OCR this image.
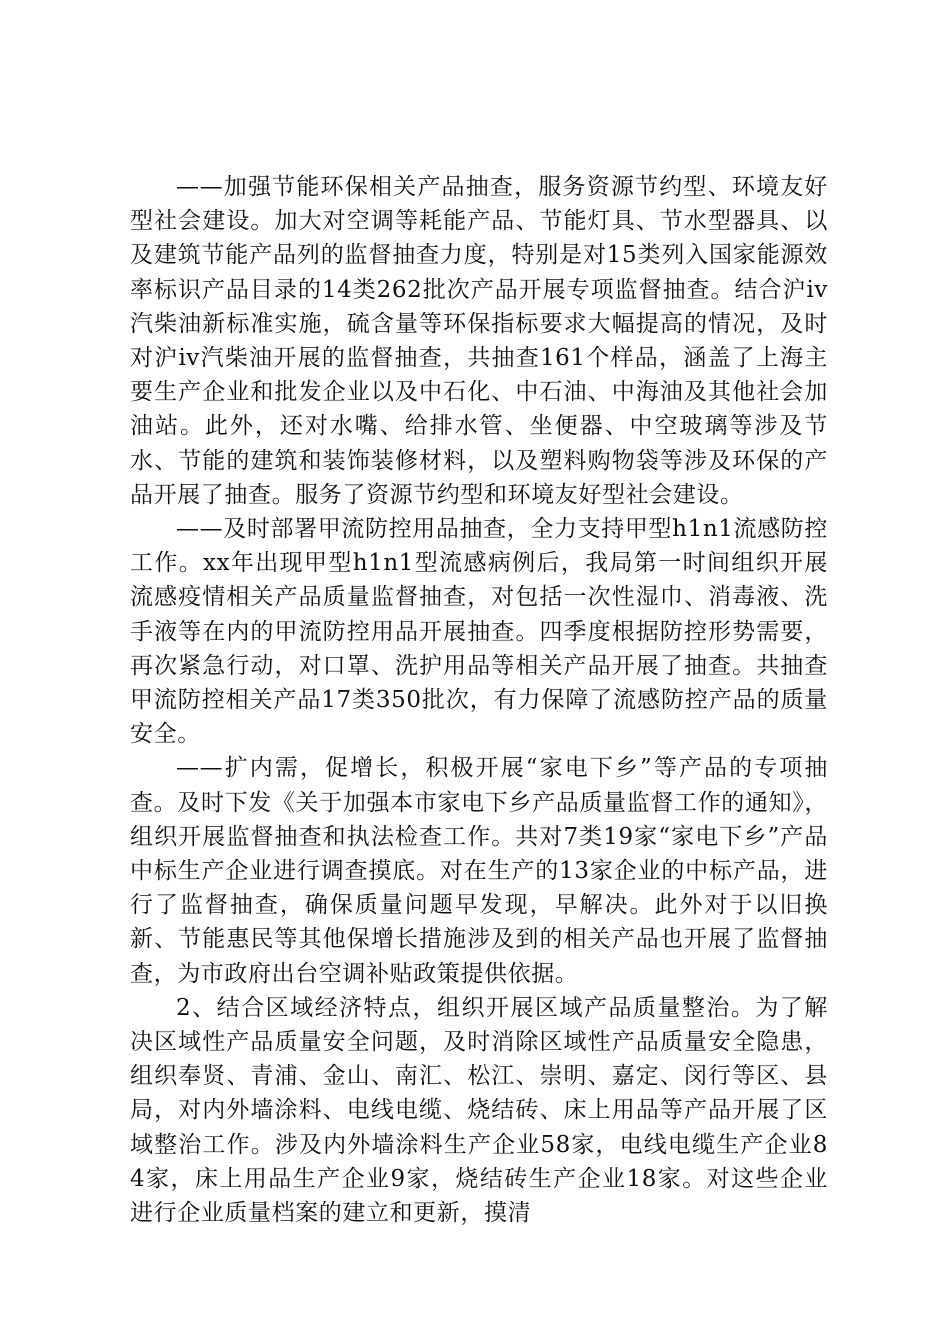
——加强节能环保相关产品抽查，服务资源节约型、环境友好型社会建设。加大对空调等耗能产品、节能灯具、节水型器具、以及建筑节能产品列的监督抽查力度，特别是对15类列入国家能源效率标识产品目录的14类262批次产品开展专项监督抽查。结合沪iv汽柴油新标准实施，硫含量等环保指标要求大幅提高的情况，及时对沪iv汽柴油开展的监督抽查，共抽查161个样品，涵盖了上海主要生产企业和批发企业以及中石化、中石油、中海油及其他社会加油站。此外，还对水嘴、给排水管、坐便器、中空玻璃等涉及节水、节能的建筑和装饰装修材料，以及塑料购物袋等涉及环保的产品开展了抽查。服务了资源节约型和环境友好型社会建设。

——及时部署甲流防控用品抽查，全力支持甲型h1n1流感防控工作。xx年出现甲型h1n1型流感病例后，我局第一时间组织开展流感疫情相关产品质量监督抽查，对包括一次性湿巾、消毒液、洗手液等在内的甲流防控用品开展抽查。四季度根据防控形势需要，再次紧急行动，对口罩、洗护用品等相关产品开展了抽查。共抽查甲流防控相关产品17类350批次，有力保障了流感防控产品的质量安全。

——扩内需，促增长，积极开展“家电下乡”等产品的专项抽查。及时下发《关于加强本市家电下乡产品质量监督工作的通知》，组织开展监督抽查和执法检查工作。共对7类19家“家电下乡”产品中标生产企业进行调查摸底。对在生产的13家企业的中标产品，进行了监督抽查，确保质量问题早发现，早解决。此外对于以旧换新、节能惠民等其他保增长措施涉及到的相关产品也开展了监督抽查，为市政府出台空调补贴政策提供依据。

2、结合区域经济特点，组织开展区域产品质量整治。为了解决区域性产品质量安全问题，及时消除区域性产品质量安全隐患，组织奉贤、青浦、金山、南汇、松江、崇明、嘉定、闵行等区、县局，对内外墙涂料、电线电缆、烧结砖、床上用品等产品开展了区域整治工作。涉及内外墙涂料生产企业58家，电线电缆生产企业84家，床上用品生产企业9家，烧结砖生产企业18家。对这些企业进行企业质量档案的建立和更新，摸清
